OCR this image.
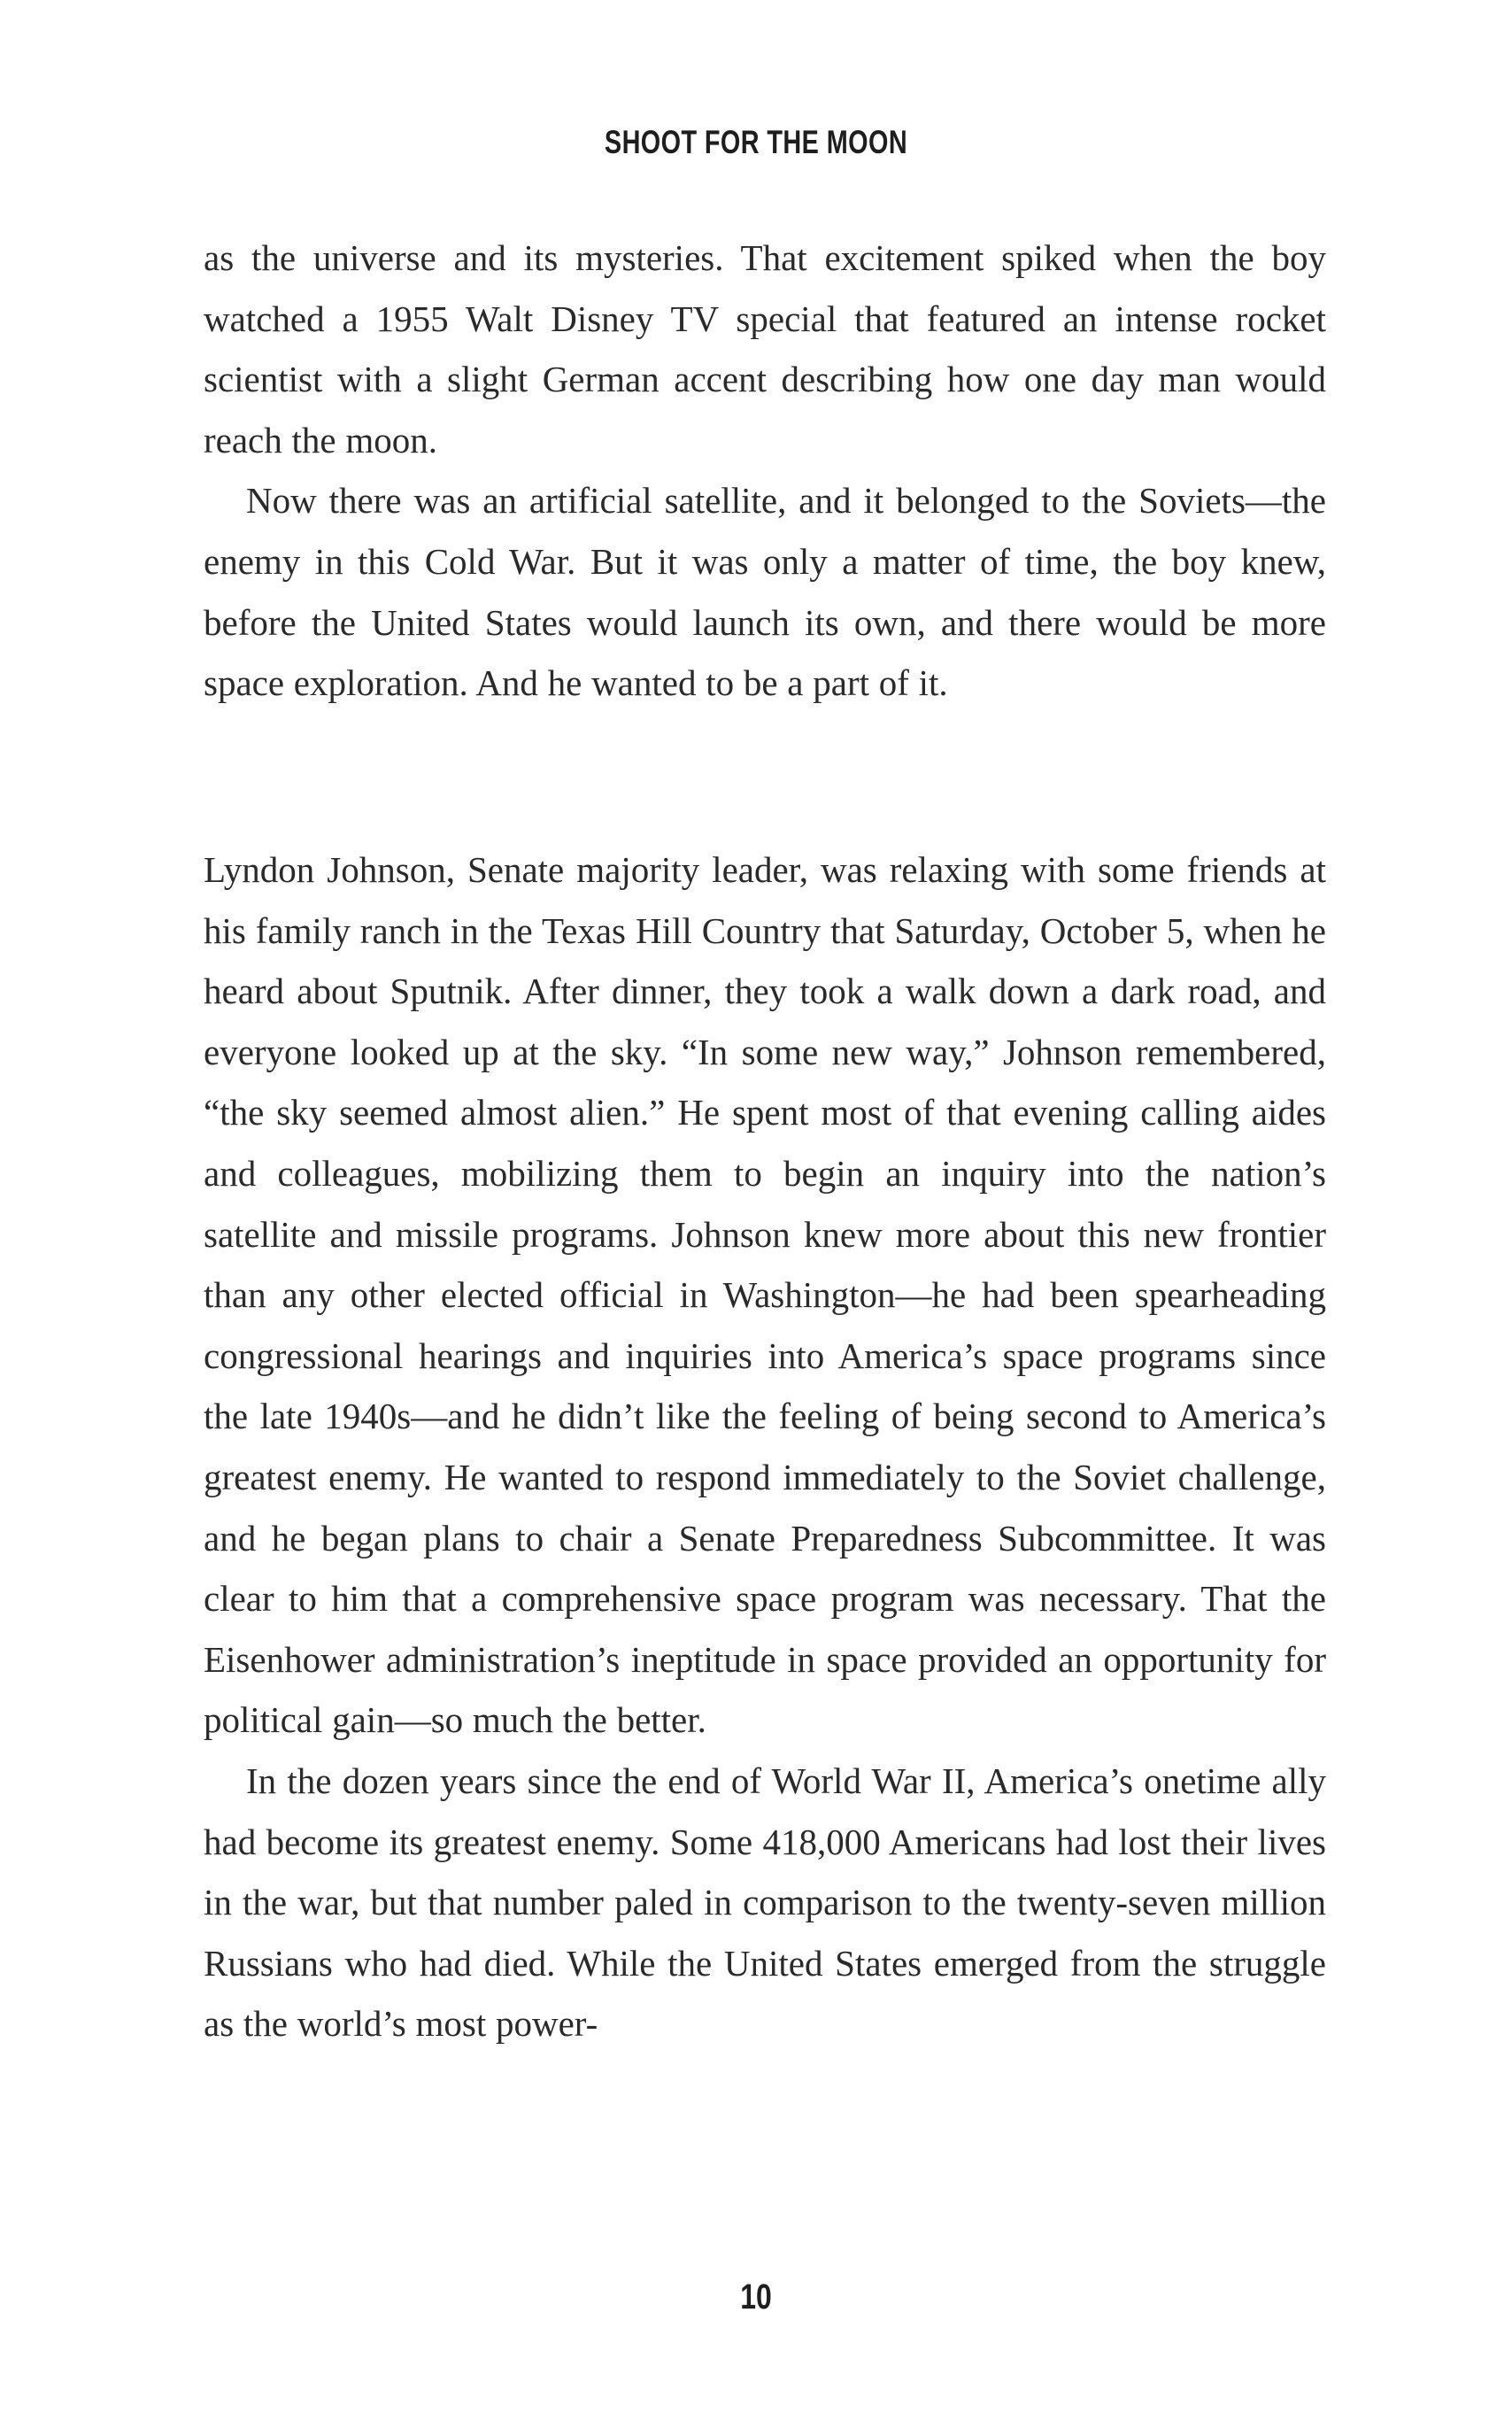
SHOOT FOR THE MOON

as the universe and its mysteries. That excitement spiked when the boy watched a 1955 Walt Disney TV special that featured an intense rocket scientist with a slight German accent describing how one day man would reach the moon.

Now there was an artificial satellite, and it belonged to the Soviets—the enemy in this Cold War. But it was only a matter of time, the boy knew, before the United States would launch its own, and there would be more space exploration. And he wanted to be a part of it.

Lyndon Johnson, Senate majority leader, was relaxing with some friends at his family ranch in the Texas Hill Country that Saturday, October 5, when he heard about Sputnik. After dinner, they took a walk down a dark road, and everyone looked up at the sky. “In some new way,” Johnson remembered, “the sky seemed almost alien.” He spent most of that evening calling aides and colleagues, mobilizing them to begin an inquiry into the nation’s satellite and missile programs. Johnson knew more about this new frontier than any other elected official in Washington—he had been spearheading congressional hearings and inquiries into America’s space programs since the late 1940s—and he didn’t like the feeling of being second to America’s greatest enemy. He wanted to respond immediately to the Soviet challenge, and he began plans to chair a Senate Preparedness Subcommittee. It was clear to him that a comprehensive space program was necessary. That the Eisenhower administration’s ineptitude in space provided an opportunity for political gain—so much the better.

In the dozen years since the end of World War II, America’s onetime ally had become its greatest enemy. Some 418,000 Americans had lost their lives in the war, but that number paled in comparison to the twenty-seven million Russians who had died. While the United States emerged from the struggle as the world’s most power-

10
